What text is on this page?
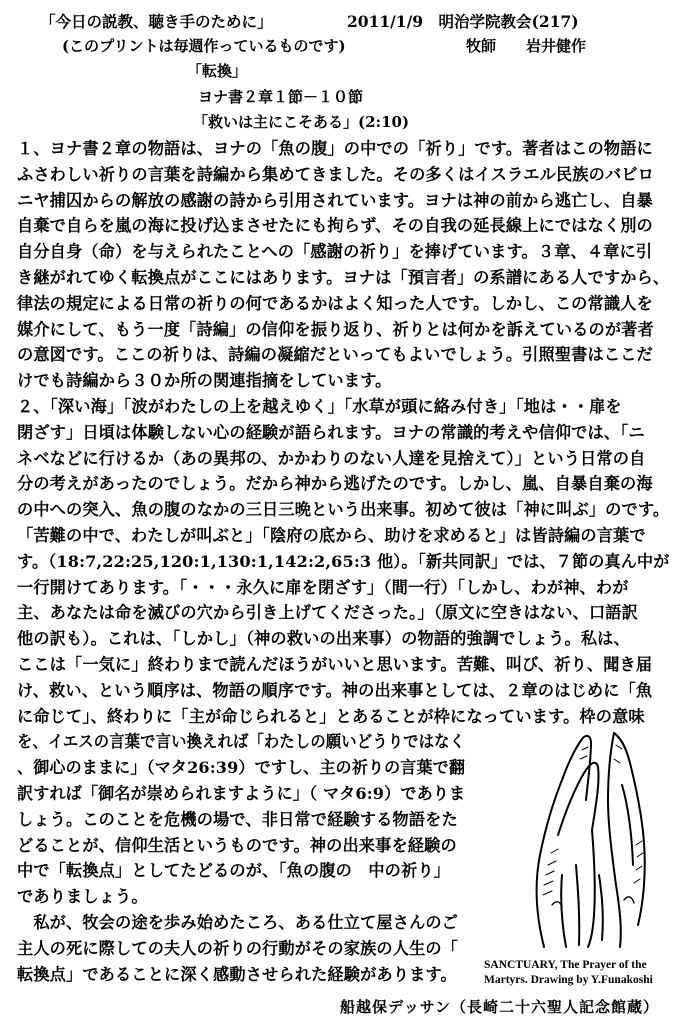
「今日の説教、聴き手のために」	2011/1/9　明治学院教会(217)
(このプリントは毎週作っているものです)	牧師　　岩井健作
「転換」
ヨナ書２章１節－１０節
「救いは主にこそある」(2:10)
１、ヨナ書２章の物語は、ヨナの「魚の腹」の中での「祈り」です。著者はこの物語に
ふさわしい祈りの言葉を詩編から集めてきました。その多くはイスラエル民族のバビロ
ニヤ捕囚からの解放の感謝の詩から引用されています。ヨナは神の前から逃亡し、自暴
自棄で自らを嵐の海に投げ込まさせたにも拘らず、その自我の延長線上にではなく別の
自分自身（命）を与えられたことへの「感謝の祈り」を捧げています。３章、４章に引
き継がれてゆく転換点がここにはあります。ヨナは「預言者」の系譜にある人ですから、
律法の規定による日常の祈りの何であるかはよく知った人です。しかし、この常識人を
媒介にして、もう一度「詩編」の信仰を振り返り、祈りとは何かを訴えているのが著者
の意図です。ここの祈りは、詩編の凝縮だといってもよいでしょう。引照聖書はここだ
けでも詩編から３０か所の関連指摘をしています。
２、「深い海」「波がわたしの上を越えゆく」「水草が頭に絡み付き」「地は・・扉を
閉ざす」日頃は体験しない心の経験が語られます。ヨナの常識的考えや信仰では、「ニ
ネベなどに行けるか（あの異邦の、かかわりのない人達を見捨えて）」という日常の自
分の考えがあったのでしょう。だから神から逃げたのです。しかし、嵐、自暴自棄の海
の中への突入、魚の腹のなかの三日三晩という出来事。初めて彼は「神に叫ぶ」のです。
「苦難の中で、わたしが叫ぶと」「陰府の底から、助けを求めると」は皆詩編の言葉で
す。（18:7,22:25,120:1,130:1,142:2,65:3 他）。「新共同訳」では、７節の真ん中が
一行開けてあります。「・・・永久に扉を閉ざす」（間一行）「しかし、わが神、わが
主、あなたは命を滅びの穴から引き上げてくださった。」（原文に空きはない、口語訳
他の訳も）。これは、「しかし」（神の救いの出来事）の物語的強調でしょう。私は、
ここは「一気に」終わりまで読んだほうがいいと思います。苦難、叫び、祈り、聞き届
け、救い、という順序は、物語の順序です。神の出来事としては、２章のはじめに「魚
に命じて」、終わりに「主が命じられると」とあることが枠になっています。枠の意味
を、イエスの言葉で言い換えれば「わたしの願いどうりではなく
、御心のままに」（マタ26:39）ですし、主の祈りの言葉で翻
訳すれば「御名が崇められますように」（ マタ6:9）でありま
しょう。このことを危機の場で、非日常で経験する物語をた
どることが、信仰生活というものです。神の出来事を経験の
中で「転換点」としてたどるのが、「魚の腹の　中の祈り」
でありましょう。
　私が、牧会の途を歩み始めたころ、ある仕立て屋さんのご
主人の死に際しての夫人の祈りの行動がその家族の人生の「
転換点」であることに深く感動させられた経験があります。 SANCTUARY, The Prayer of the
Martyrs. Drawing by Y.Funakoshi
船越保デッサン（長崎二十六聖人記念館蔵）
